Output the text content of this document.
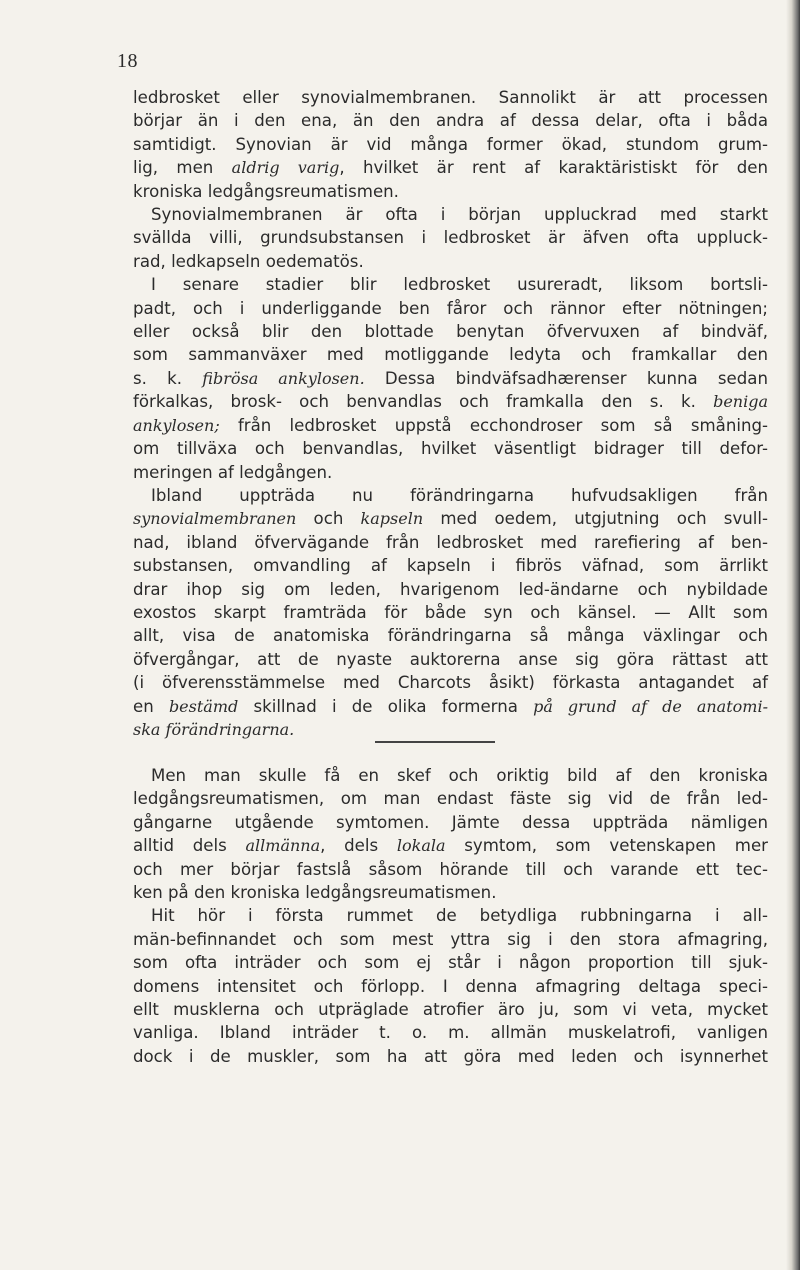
18
ledbrosket eller synovialmembranen. Sannolikt är att processen
börjar än i den ena, än den andra af dessa delar, ofta i båda
samtidigt. Synovian är vid många former ökad, stundom grum-
lig, men aldrig varig, hvilket är rent af karaktäristiskt för den
kroniska ledgångsreumatismen.
Synovialmembranen är ofta i början uppluckrad med starkt
svällda villi, grundsubstansen i ledbrosket är äfven ofta uppluck-
rad, ledkapseln oedematös.
I senare stadier blir ledbrosket usureradt, liksom bortsli-
padt, och i underliggande ben fåror och rännor efter nötningen;
eller också blir den blottade benytan öfvervuxen af bindväf,
som sammanväxer med motliggande ledyta och framkallar den
s. k. fibrösa ankylosen. Dessa bindväfsadhærenser kunna sedan
förkalkas, brosk- och benvandlas och framkalla den s. k. beniga
ankylosen; från ledbrosket uppstå ecchondroser som så småning-
om tillväxa och benvandlas, hvilket väsentligt bidrager till defor-
meringen af ledgången.
Ibland uppträda nu förändringarna hufvudsakligen från
synovialmembranen och kapseln med oedem, utgjutning och svull-
nad, ibland öfvervägande från ledbrosket med rarefiering af ben-
substansen, omvandling af kapseln i fibrös väfnad, som ärrlikt
drar ihop sig om leden, hvarigenom led-ändarne och nybildade
exostos skarpt framträda för både syn och känsel. — Allt som
allt, visa de anatomiska förändringarna så många växlingar och
öfvergångar, att de nyaste auktorerna anse sig göra rättast att
(i öfverensstämmelse med Charcots åsikt) förkasta antagandet af
en bestämd skillnad i de olika formerna på grund af de anatomi-
ska förändringarna.
Men man skulle få en skef och oriktig bild af den kroniska
ledgångsreumatismen, om man endast fäste sig vid de från led-
gångarne utgående symtomen. Jämte dessa uppträda nämligen
alltid dels allmänna, dels lokala symtom, som vetenskapen mer
och mer börjar fastslå såsom hörande till och varande ett tec-
ken på den kroniska ledgångsreumatismen.
Hit hör i första rummet de betydliga rubbningarna i all-
män-befinnandet och som mest yttra sig i den stora afmagring,
som ofta inträder och som ej står i någon proportion till sjuk-
domens intensitet och förlopp. I denna afmagring deltaga speci-
ellt musklerna och utpräglade atrofier äro ju, som vi veta, mycket
vanliga. Ibland inträder t. o. m. allmän muskelatrofi, vanligen
dock i de muskler, som ha att göra med leden och isynnerhet
